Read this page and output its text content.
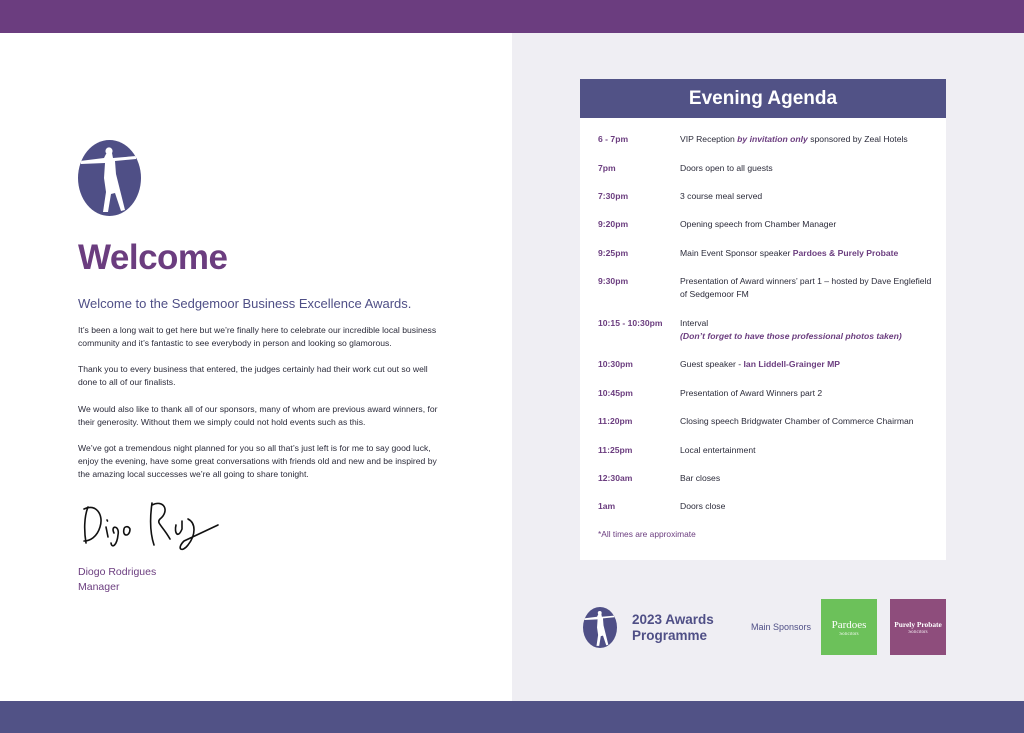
Welcome

Welcome to the Sedgemoor Business Excellence Awards.

It’s been a long wait to get here but we’re finally here to celebrate our incredible local business community and it’s fantastic to see everybody in person and looking so glamorous.

Thank you to every business that entered, the judges certainly had their work cut out so well done to all of our finalists.

We would also like to thank all of our sponsors, many of whom are previous award winners, for their generosity. Without them we simply could not hold events such as this.

We’ve got a tremendous night planned for you so all that’s just left is for me to say good luck, enjoy the evening, have some great conversations with friends old and new and be inspired by the amazing local successes we’re all going to share tonight.

Diogo Rodrigues
Manager
Evening Agenda
6 - 7pm	VIP Reception by invitation only sponsored by Zeal Hotels
7pm	Doors open to all guests
7:30pm	3 course meal served
9:20pm	Opening speech from Chamber Manager
9:25pm	Main Event Sponsor speaker Pardoes & Purely Probate
9:30pm	Presentation of Award winners’ part 1 – hosted by Dave Englefield of Sedgemoor FM
10:15 - 10:30pm Interval
(Don’t forget to have those professional photos taken)
10:30pm	Guest speaker - Ian Liddell-Grainger MP
10:45pm	Presentation of Award Winners part 2
11:20pm	Closing speech Bridgwater Chamber of Commerce Chairman
11:25pm	Local entertainment
12:30am	Bar closes
1am	Doors close
*All times are approximate
2023 Awards
Programme
Main Sponsors	Pardoes
Solicitors
Purely Probate
Solicitors
